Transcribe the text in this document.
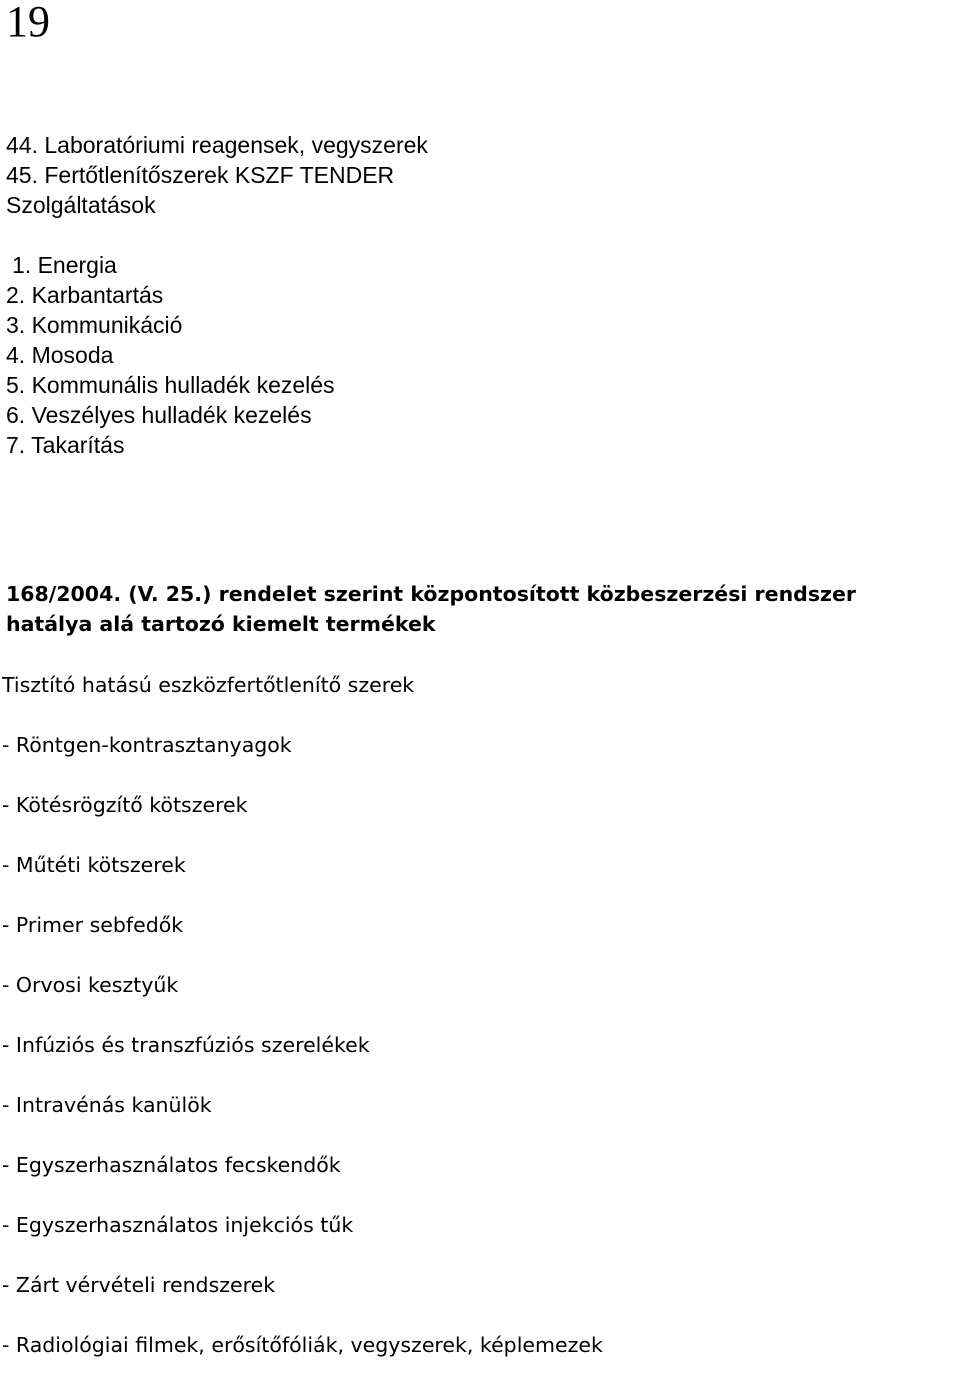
19
44. Laboratóriumi reagensek, vegyszerek
45. Fertőtlenítőszerek KSZF TENDER
Szolgáltatások
1. Energia
2. Karbantartás
3. Kommunikáció
4. Mosoda
5. Kommunális hulladék kezelés
6. Veszélyes hulladék kezelés
7. Takarítás
168/2004. (V. 25.) rendelet szerint központosított közbeszerzési rendszer
hatálya alá tartozó kiemelt termékek
Tisztító hatású eszközfertőtlenítő szerek
- Röntgen-kontrasztanyagok
- Kötésrögzítő kötszerek
- Műtéti kötszerek
- Primer sebfedők
- Orvosi kesztyűk
- Infúziós és transzfúziós szerelékek
- Intravénás kanülök
- Egyszerhasználatos fecskendők
- Egyszerhasználatos injekciós tűk
- Zárt vérvételi rendszerek
- Radiológiai filmek, erősítőfóliák, vegyszerek, képlemezek
